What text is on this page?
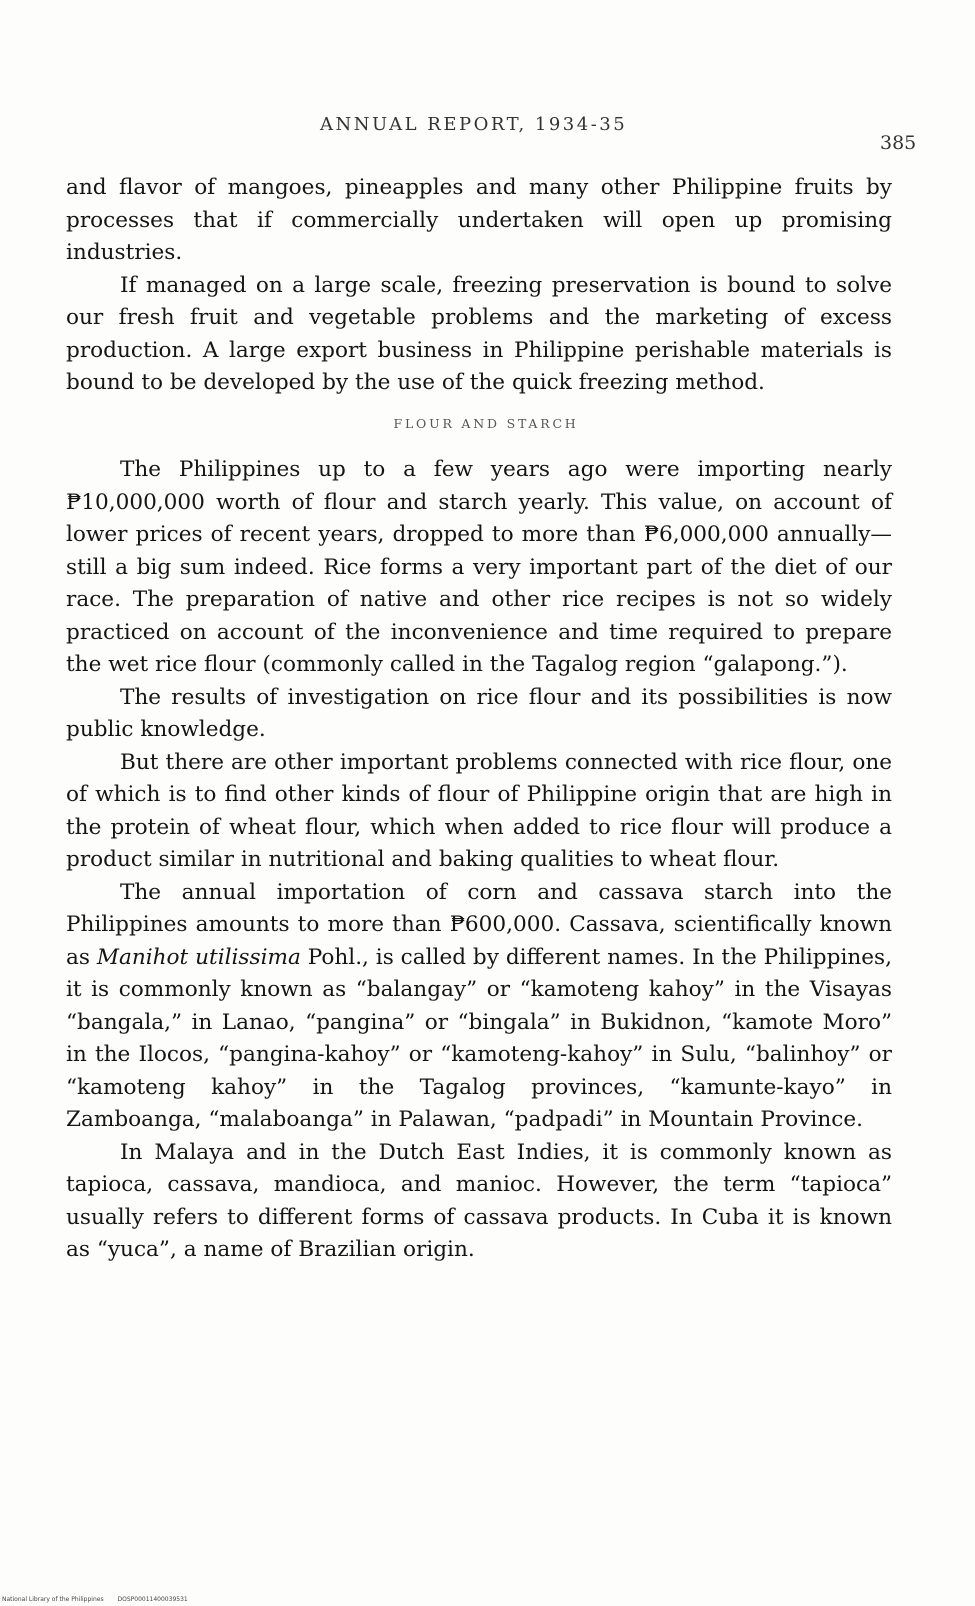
ANNUAL REPORT, 1934-35
385

and flavor of mangoes, pineapples and many other Philippine fruits by processes that if commercially undertaken will open up promising industries.

If managed on a large scale, freezing preservation is bound to solve our fresh fruit and vegetable problems and the marketing of excess production. A large export business in Philippine perishable materials is bound to be developed by the use of the quick freezing method.

FLOUR AND STARCH

The Philippines up to a few years ago were importing nearly ₱10,000,000 worth of flour and starch yearly. This value, on account of lower prices of recent years, dropped to more than ₱6,000,000 annually—still a big sum indeed. Rice forms a very important part of the diet of our race. The preparation of native and other rice recipes is not so widely practiced on account of the inconvenience and time required to prepare the wet rice flour (commonly called in the Tagalog region “galapong.”).

The results of investigation on rice flour and its possibilities is now public knowledge.

But there are other important problems connected with rice flour, one of which is to find other kinds of flour of Philippine origin that are high in the protein of wheat flour, which when added to rice flour will produce a product similar in nutritional and baking qualities to wheat flour.

The annual importation of corn and cassava starch into the Philippines amounts to more than ₱600,000. Cassava, scientifically known as Manihot utilissima Pohl., is called by different names. In the Philippines, it is commonly known as “balangay” or “kamoteng kahoy” in the Visayas “bangala,” in Lanao, “pangina” or “bingala” in Bukidnon, “kamote Moro” in the Ilocos, “pangina-kahoy” or “kamoteng-kahoy” in Sulu, “balinhoy” or “kamoteng kahoy” in the Tagalog provinces, “kamunte-kayo” in Zamboanga, “malaboanga” in Palawan, “padpadi” in Mountain Province.

In Malaya and in the Dutch East Indies, it is commonly known as tapioca, cassava, mandioca, and manioc. However, the term “tapioca” usually refers to different forms of cassava products. In Cuba it is known as “yuca”, a name of Brazilian origin.

National Library of the Philippines DOSP00011400039531
